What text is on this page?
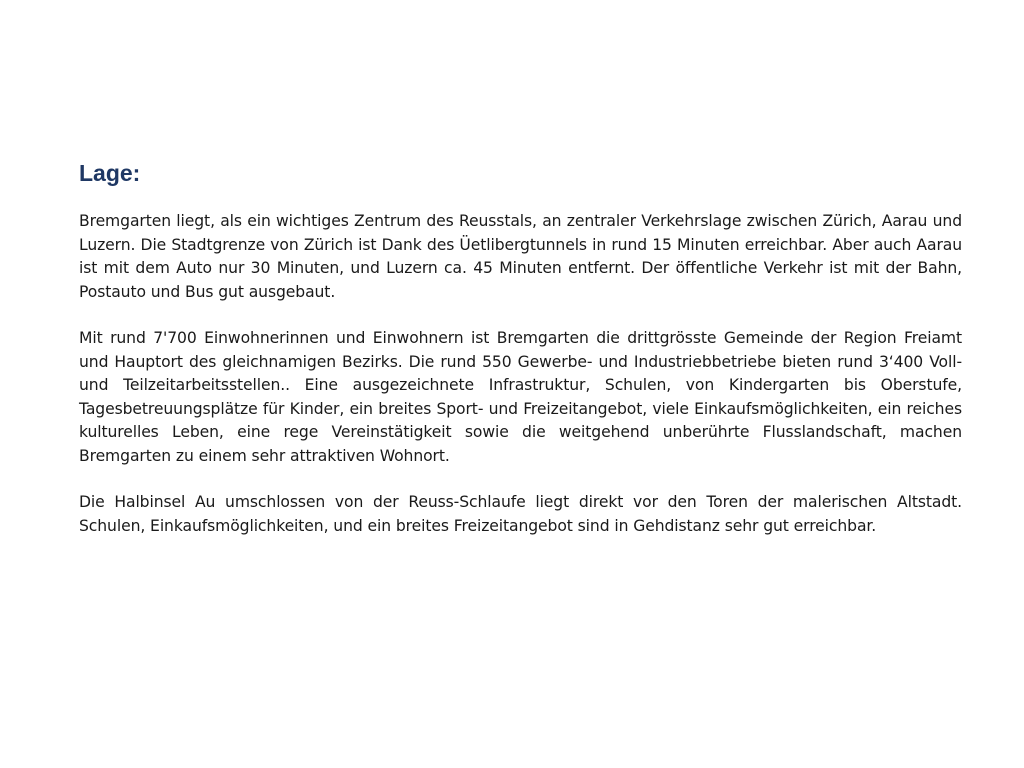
Lage:

Bremgarten liegt, als ein wichtiges Zentrum des Reusstals, an zentraler Verkehrslage zwischen Zürich, Aarau und Luzern. Die Stadtgrenze von Zürich ist Dank des Üetlibergtunnels in rund 15 Minuten erreichbar. Aber auch Aarau ist mit dem Auto nur 30 Minuten, und Luzern ca. 45 Minuten entfernt. Der öffentliche Verkehr ist mit der Bahn, Postauto und Bus gut ausgebaut.

Mit rund 7'700 Einwohnerinnen und Einwohnern ist Bremgarten die drittgrösste Gemeinde der Region Freiamt und Hauptort des gleichnamigen Bezirks. Die rund 550 Gewerbe- und Industriebbetriebe bieten rund 3‘400 Voll- und Teilzeitarbeitsstellen.. Eine ausgezeichnete Infrastruktur, Schulen, von Kindergarten bis Oberstufe, Tagesbetreuungsplätze für Kinder, ein breites Sport- und Freizeitangebot, viele Einkaufsmöglichkeiten, ein reiches kulturelles Leben, eine rege Vereinstätigkeit sowie die weitgehend unberührte Flusslandschaft, machen Bremgarten zu einem sehr attraktiven Wohnort.

Die Halbinsel Au umschlossen von der Reuss-Schlaufe liegt direkt vor den Toren der malerischen Altstadt. Schulen, Einkaufsmöglichkeiten, und ein breites Freizeitangebot sind in Gehdistanz sehr gut erreichbar.
